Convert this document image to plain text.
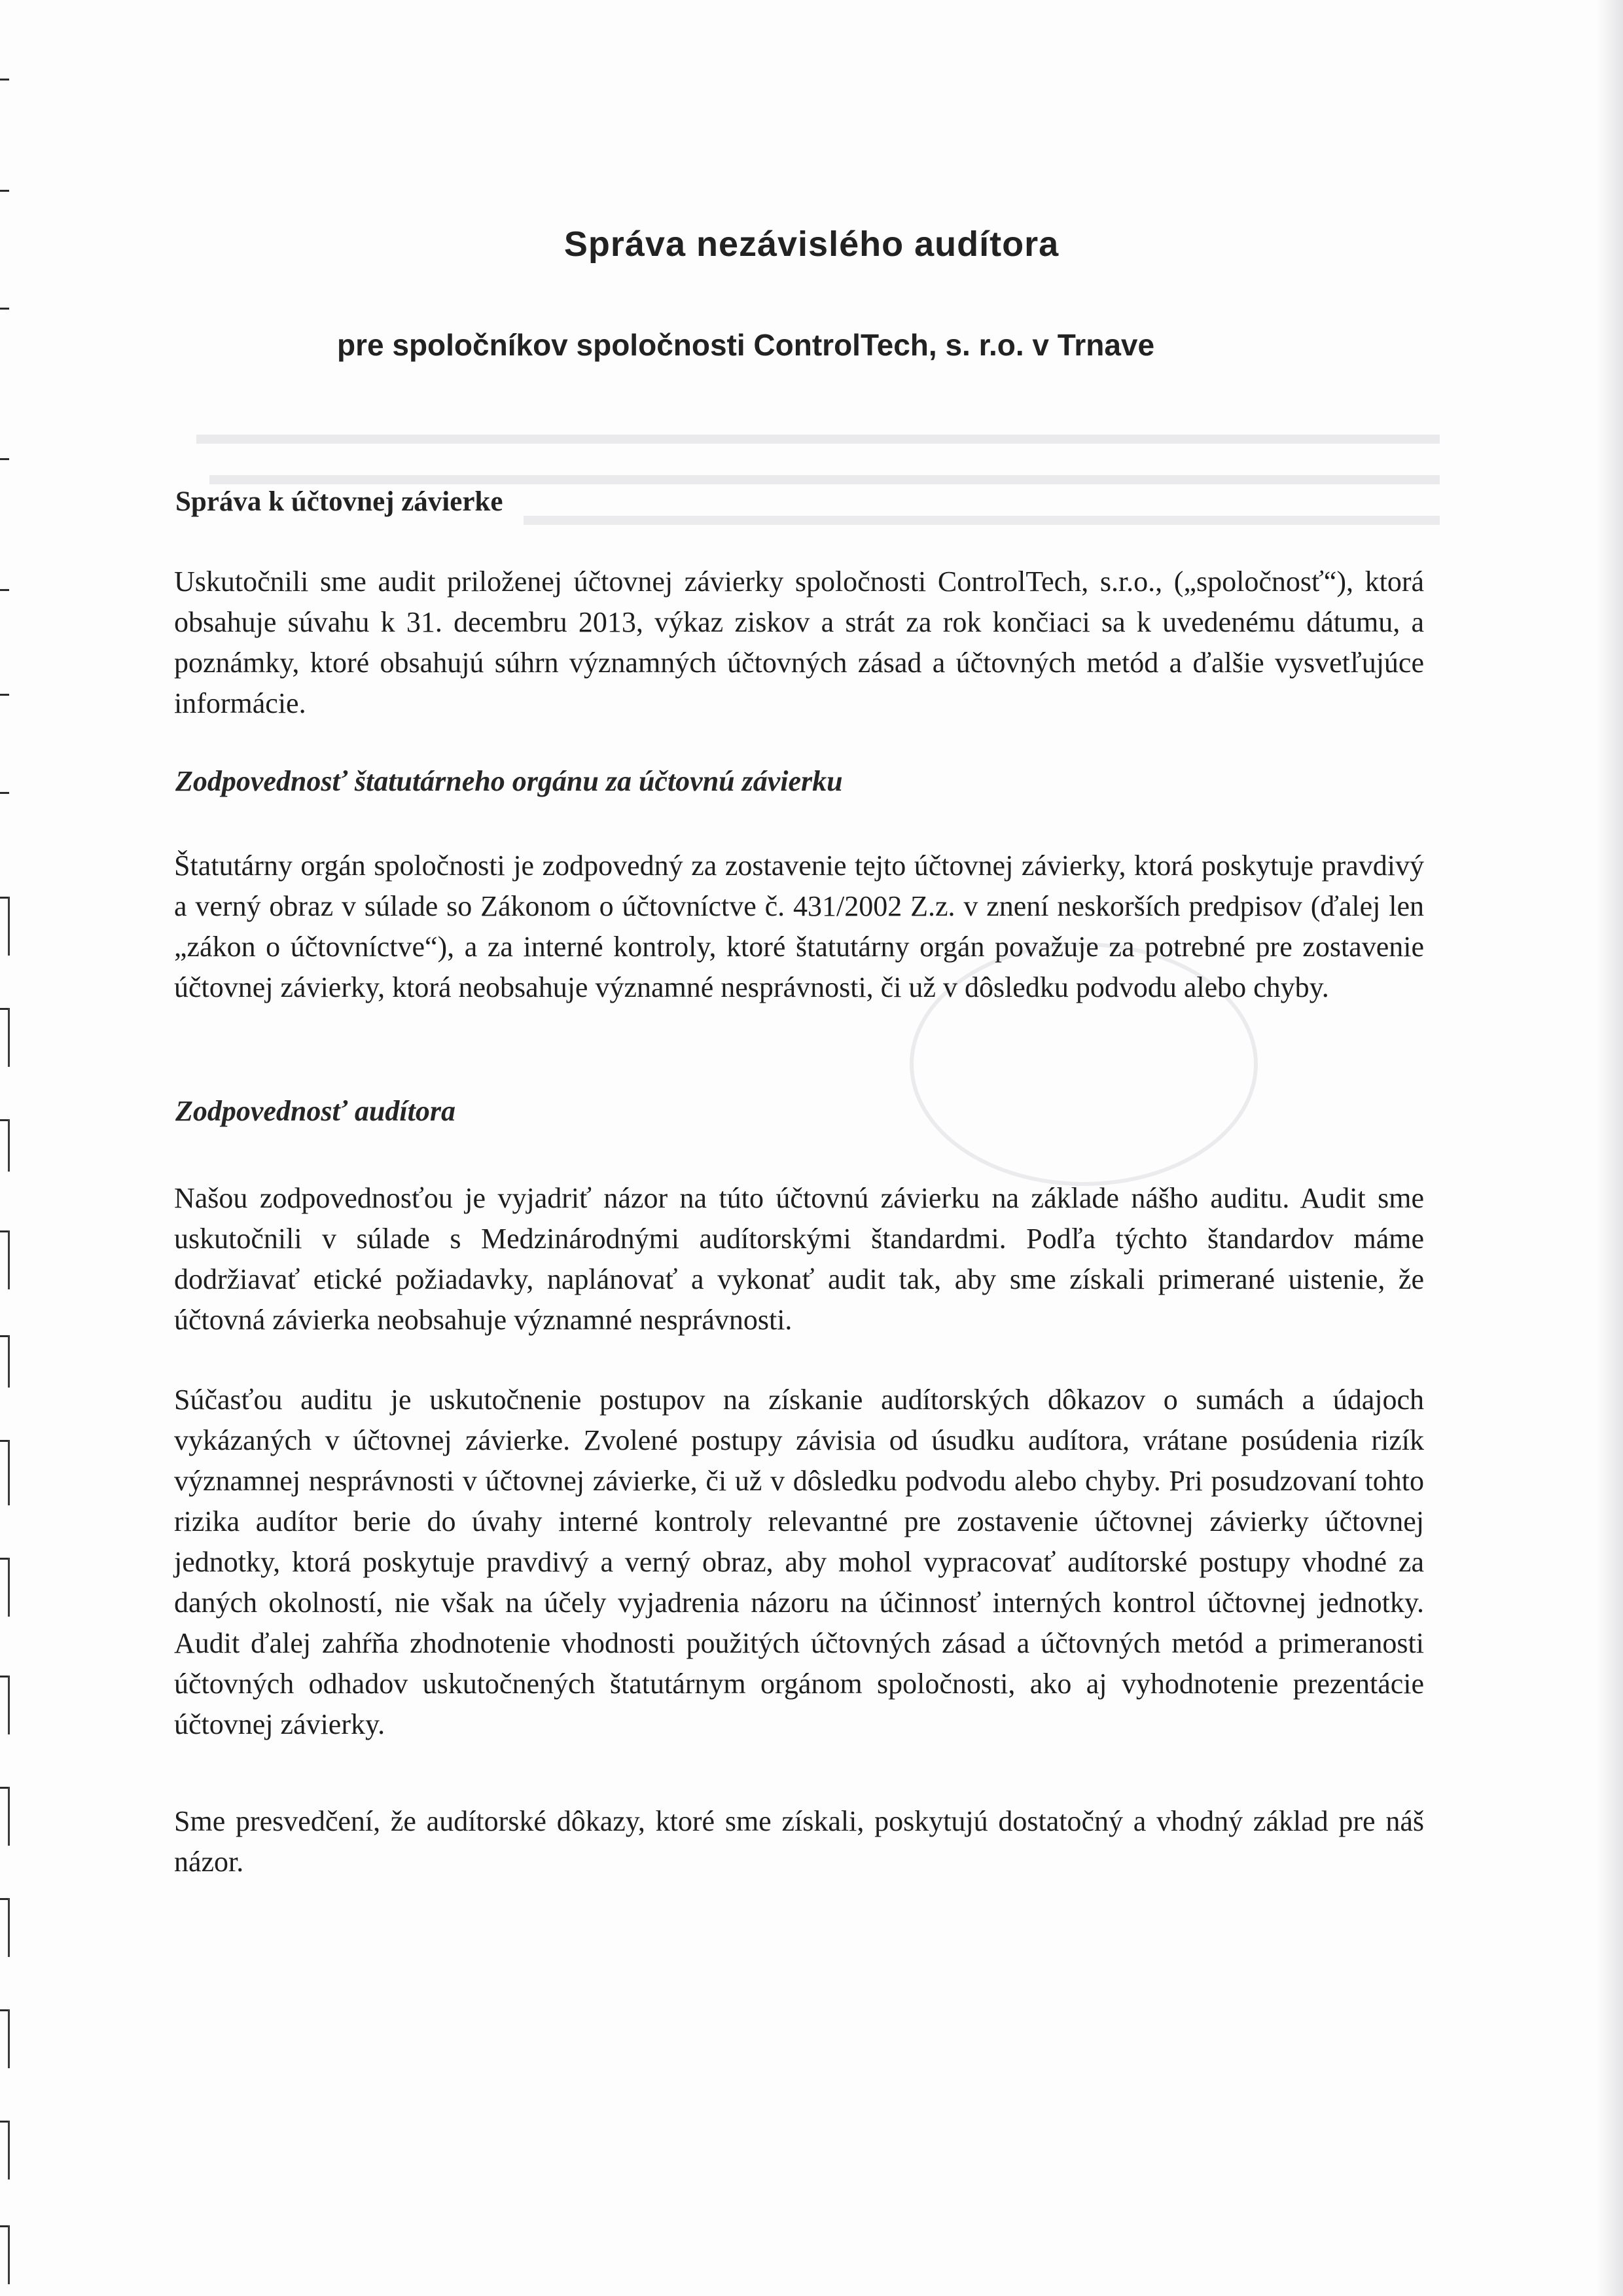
Správa nezávislého audítora
pre spoločníkov spoločnosti ControlTech, s. r.o. v Trnave
Správa k účtovnej závierke

Uskutočnili sme audit priloženej účtovnej závierky spoločnosti ControlTech, s.r.o., („spoločnosť“), ktorá obsahuje súvahu k 31. decembru 2013, výkaz ziskov a strát za rok končiaci sa k uvedenému dátumu, a poznámky, ktoré obsahujú súhrn významných účtovných zásad a účtovných metód a ďalšie vysvetľujúce informácie.

Zodpovednosť štatutárneho orgánu za účtovnú závierku

Štatutárny orgán spoločnosti je zodpovedný za zostavenie tejto účtovnej závierky, ktorá poskytuje pravdivý a verný obraz v súlade so Zákonom o účtovníctve č. 431/2002 Z.z. v znení neskorších predpisov (ďalej len „zákon o účtovníctve“), a za interné kontroly, ktoré štatutárny orgán považuje za potrebné pre zostavenie účtovnej závierky, ktorá neobsahuje významné nesprávnosti, či už v dôsledku podvodu alebo chyby.

Zodpovednosť audítora

Našou zodpovednosťou je vyjadriť názor na túto účtovnú závierku na základe nášho auditu. Audit sme uskutočnili v súlade s Medzinárodnými audítorskými štandardmi. Podľa týchto štandardov máme dodržiavať etické požiadavky, naplánovať a vykonať audit tak, aby sme získali primerané uistenie, že účtovná závierka neobsahuje významné nesprávnosti.

Súčasťou auditu je uskutočnenie postupov na získanie audítorských dôkazov o sumách a údajoch vykázaných v účtovnej závierke. Zvolené postupy závisia od úsudku audítora, vrátane posúdenia rizík významnej nesprávnosti v účtovnej závierke, či už v dôsledku podvodu alebo chyby. Pri posudzovaní tohto rizika audítor berie do úvahy interné kontroly relevantné pre zostavenie účtovnej závierky účtovnej jednotky, ktorá poskytuje pravdivý a verný obraz, aby mohol vypracovať audítorské postupy vhodné za daných okolností, nie však na účely vyjadrenia názoru na účinnosť interných kontrol účtovnej jednotky. Audit ďalej zahŕňa zhodnotenie vhodnosti použitých účtovných zásad a účtovných metód a primeranosti účtovných odhadov uskutočnených štatutárnym orgánom spoločnosti, ako aj vyhodnotenie prezentácie účtovnej závierky.

Sme presvedčení, že audítorské dôkazy, ktoré sme získali, poskytujú dostatočný a vhodný základ pre náš názor.
